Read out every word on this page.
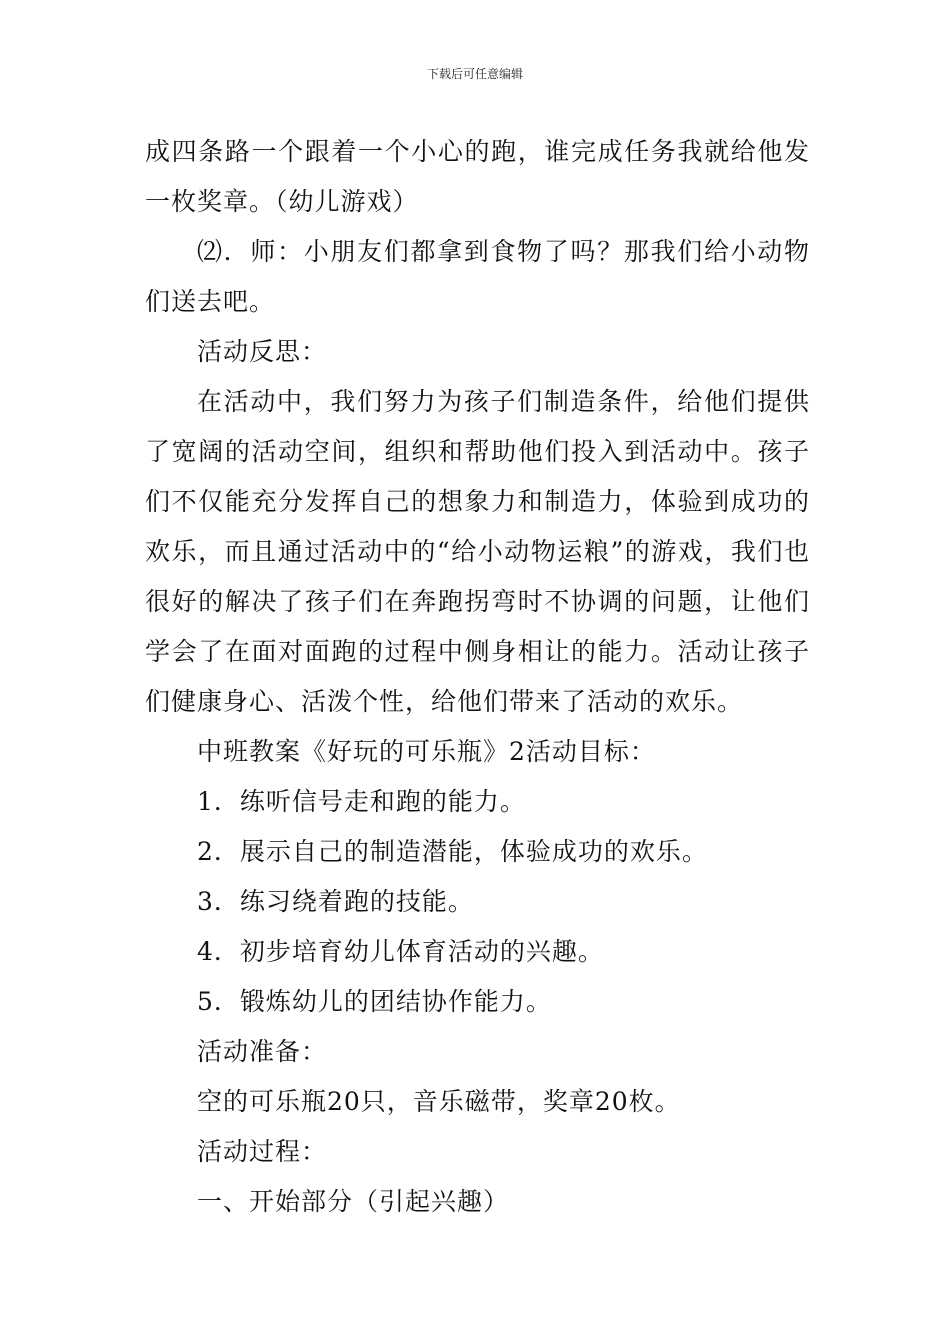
下载后可任意编辑

成四条路一个跟着一个小心的跑，谁完成任务我就给他发一枚奖章。（幼儿游戏）

⑵．师：小朋友们都拿到食物了吗？那我们给小动物们送去吧。

活动反思：

在活动中，我们努力为孩子们制造条件，给他们提供了宽阔的活动空间，组织和帮助他们投入到活动中。孩子们不仅能充分发挥自己的想象力和制造力，体验到成功的欢乐，而且通过活动中的“给小动物运粮”的游戏，我们也很好的解决了孩子们在奔跑拐弯时不协调的问题，让他们学会了在面对面跑的过程中侧身相让的能力。活动让孩子们健康身心、活泼个性，给他们带来了活动的欢乐。

中班教案《好玩的可乐瓶》2活动目标：

1．练听信号走和跑的能力。

2．展示自己的制造潜能，体验成功的欢乐。

3．练习绕着跑的技能。

4．初步培育幼儿体育活动的兴趣。

5．锻炼幼儿的团结协作能力。

活动准备：

空的可乐瓶20只，音乐磁带，奖章20枚。

活动过程：

一、开始部分（引起兴趣）
